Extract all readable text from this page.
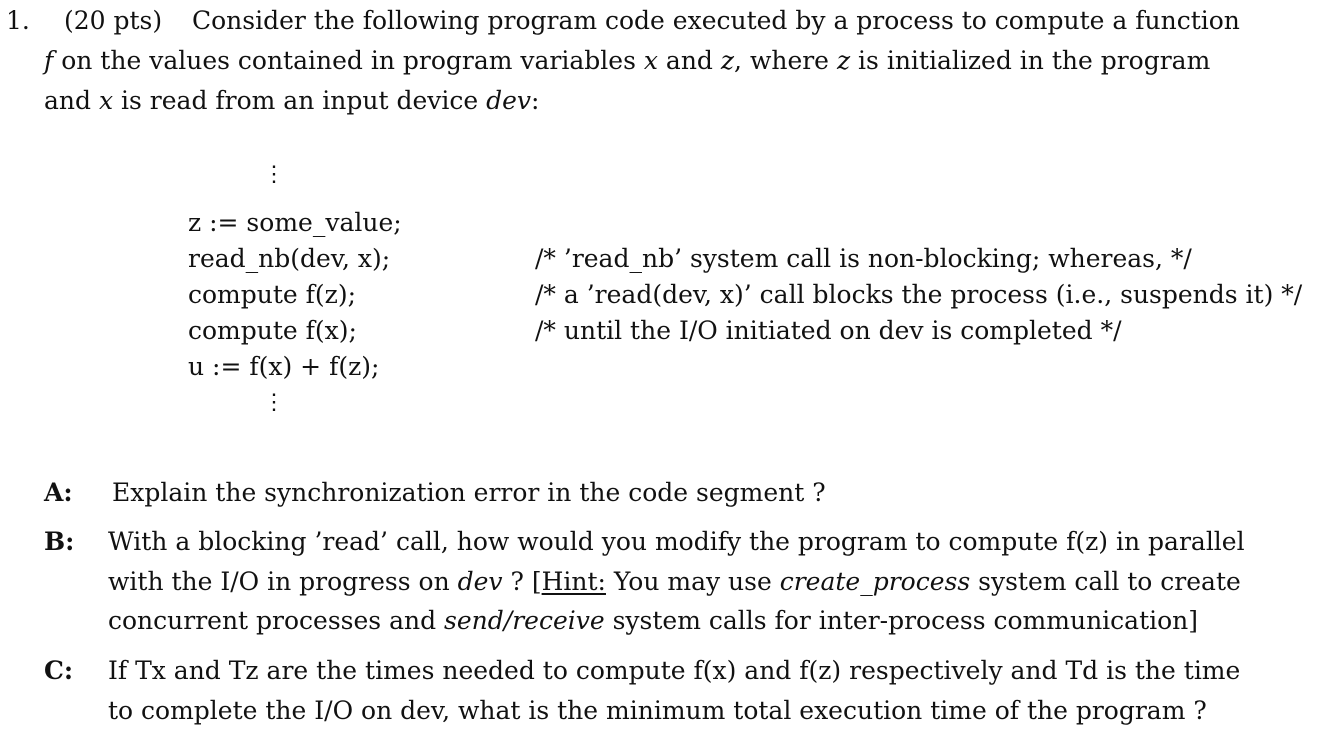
1. (20 pts) Consider the following program code executed by a process to compute a function
f on the values contained in program variables x and z, where z is initialized in the program
and x is read from an input device dev:
⋮
z := some_value;
read_nb(dev, x);
compute f(z);
compute f(x);
u := f(x) + f(z);
⋮
/* ’read_nb’ system call is non-blocking; whereas, */
/* a ’read(dev, x)’ call blocks the process (i.e., suspends it) */
/* until the I/O initiated on dev is completed */
A: Explain the synchronization error in the code segment ?
B: With a blocking ’read’ call, how would you modify the program to compute f(z) in parallel
with the I/O in progress on dev ? [Hint: You may use create_process system call to create
concurrent processes and send/receive system calls for inter-process communication]
C: If Tx and Tz are the times needed to compute f(x) and f(z) respectively and Td is the time
to complete the I/O on dev, what is the minimum total execution time of the program ?
